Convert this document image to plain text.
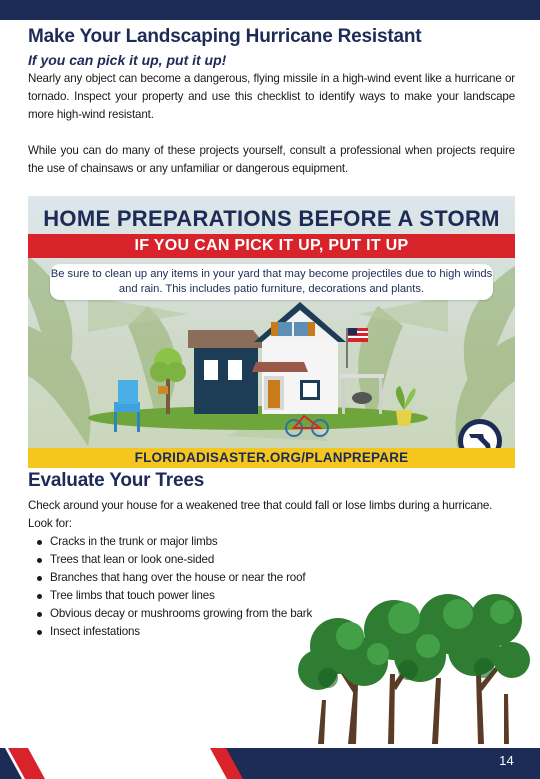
Make Your Landscaping Hurricane Resistant
If you can pick it up, put it up!

Nearly any object can become a dangerous, flying missile in a high-wind event like a hurricane or tornado. Inspect your property and use this checklist to identify ways to make your landscape more high-wind resistant.

While you can do many of these projects yourself, consult a professional when projects require the use of chainsaws or any unfamiliar or dangerous equipment.

HOME PREPARATIONS BEFORE A STORM
IF YOU CAN PICK IT UP, PUT IT UP
Be sure to clean up any items in your yard that may become projectiles due to high winds and rain. This includes patio furniture, decorations and plants.
FLORIDADISASTER.ORG/PLANPREPARE
Evaluate Your Trees

Check around your house for a weakened tree that could fall or lose limbs during a hurricane. Look for:

Cracks in the trunk or major limbs
Trees that lean or look one-sided
Branches that hang over the house or near the roof
Tree limbs that touch power lines
Obvious decay or mushrooms growing from the bark
Insect infestations
14
